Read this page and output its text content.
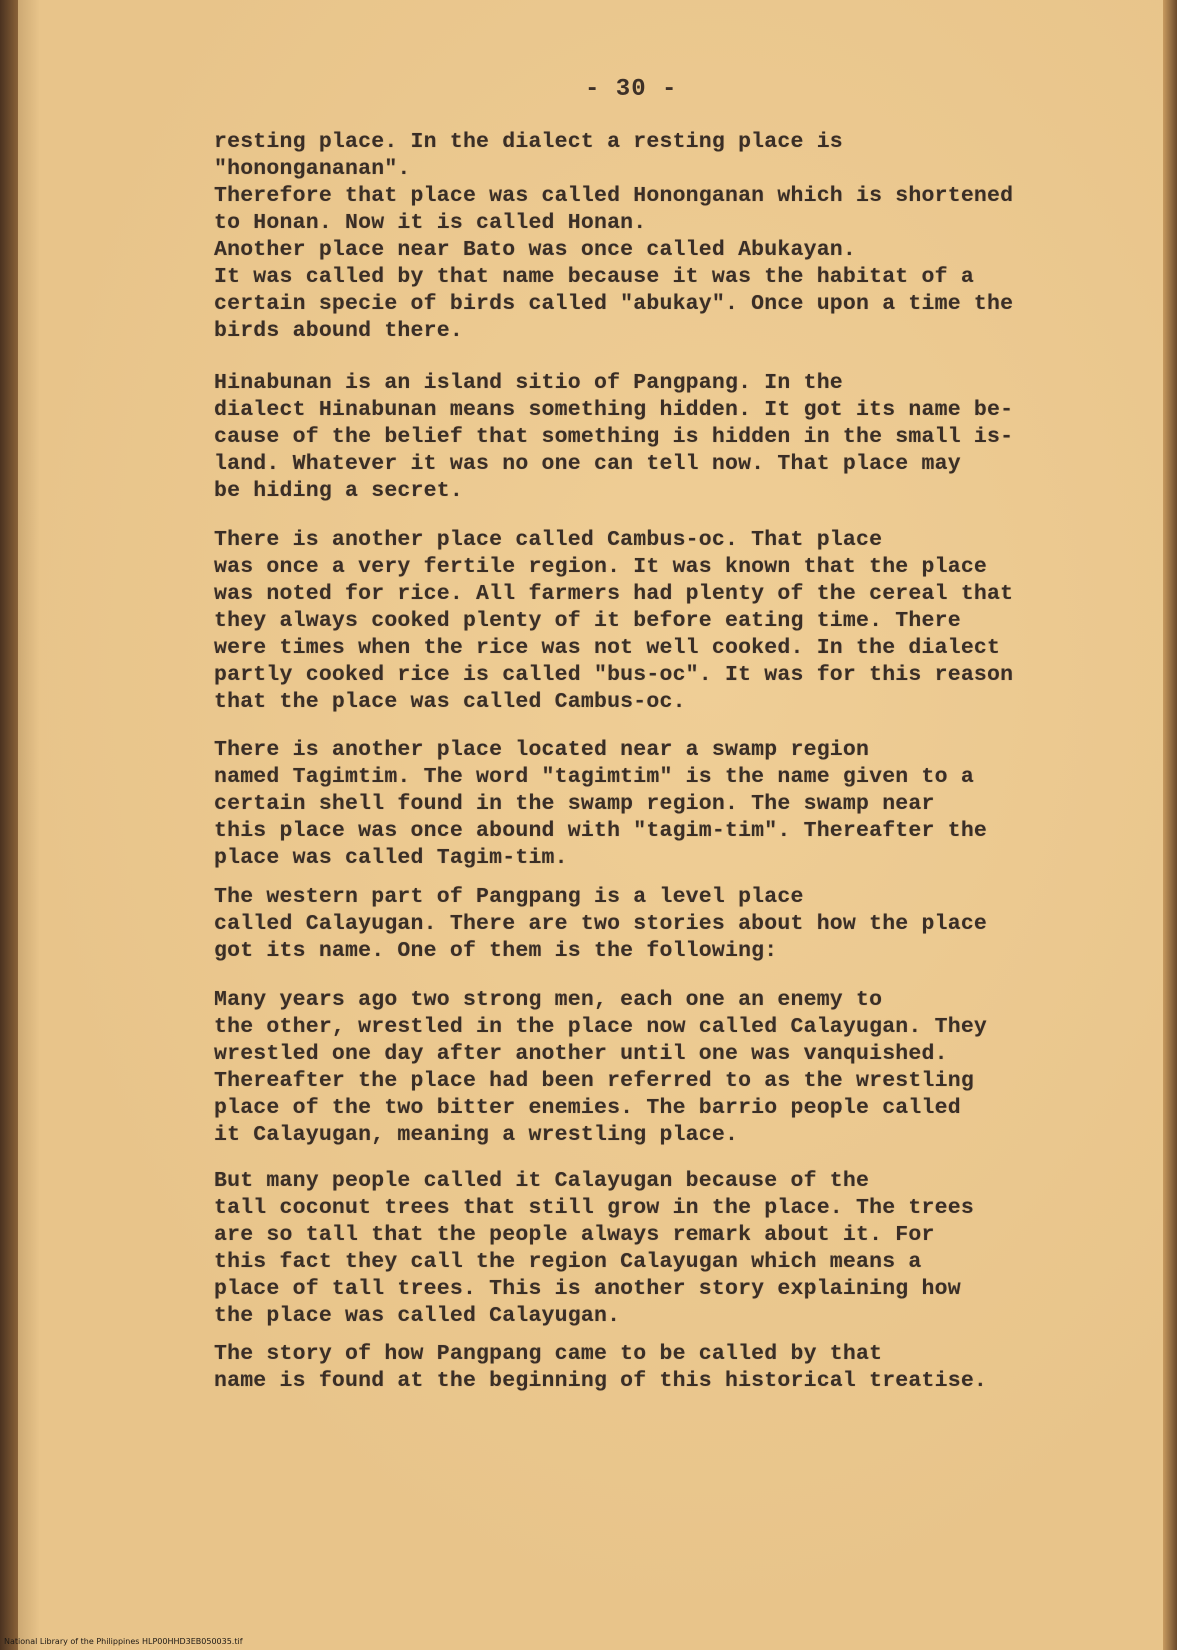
- 30 -

resting place. In the dialect a resting place is "honongananan".
Therefore that place was called Hononganan which is shortened
to Honan. Now it is called Honan.

Another place near Bato was once called Abukayan.
It was called by that name because it was the habitat of a
certain specie of birds called "abukay". Once upon a time the
birds abound there.

Hinabunan is an island sitio of Pangpang. In the
dialect Hinabunan means something hidden. It got its name be-
cause of the belief that something is hidden in the small is-
land. Whatever it was no one can tell now. That place may
be hiding a secret.

There is another place called Cambus-oc. That place
was once a very fertile region. It was known that the place
was noted for rice. All farmers had plenty of the cereal that
they always cooked plenty of it before eating time. There
were times when the rice was not well cooked. In the dialect
partly cooked rice is called "bus-oc". It was for this reason
that the place was called Cambus-oc.

There is another place located near a swamp region
named Tagimtim. The word "tagimtim" is the name given to a
certain shell found in the swamp region. The swamp near
this place was once abound with "tagim-tim". Thereafter the
place was called Tagim-tim.

The western part of Pangpang is a level place
called Calayugan. There are two stories about how the place
got its name. One of them is the following:

Many years ago two strong men, each one an enemy to
the other, wrestled in the place now called Calayugan. They
wrestled one day after another until one was vanquished.
Thereafter the place had been referred to as the wrestling
place of the two bitter enemies. The barrio people called
it Calayugan, meaning a wrestling place.

But many people called it Calayugan because of the
tall coconut trees that still grow in the place. The trees
are so tall that the people always remark about it. For
this fact they call the region Calayugan which means a
place of tall trees. This is another story explaining how
the place was called Calayugan.

The story of how Pangpang came to be called by that
name is found at the beginning of this historical treatise.

National Library of the Philippines HLP00HHD3EB050035.tif
